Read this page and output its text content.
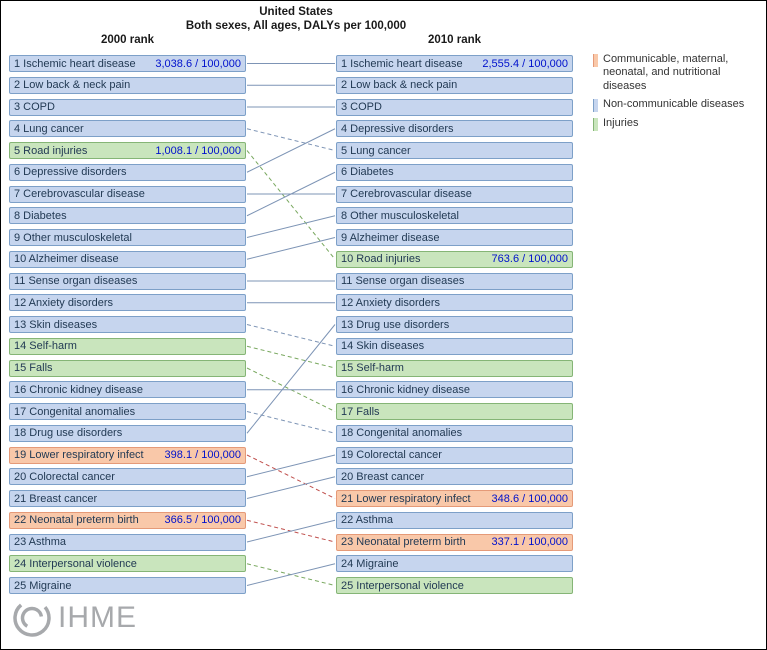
United States
Both sexes, All ages, DALYs per 100,000
2000 rank	2010 rank
1 Ischemic heart disease 3,038.6 / 100,000
2 Low back & neck pain
3 COPD
4 Lung cancer
5 Road injuries	1,008.1 / 100,000
6 Depressive disorders
7 Cerebrovascular disease
8 Diabetes
9 Other musculoskeletal
10 Alzheimer disease
11 Sense organ diseases
12 Anxiety disorders
13 Skin diseases
14 Self-harm
15 Falls
16 Chronic kidney disease
17 Congenital anomalies
18 Drug use disorders
19 Lower respiratory infect 398.1 / 100,000
20 Colorectal cancer
21 Breast cancer
22 Neonatal preterm birth 366.5 / 100,000
23 Asthma
24 Interpersonal violence
25 Migraine
1 Ischemic heart disease 2,555.4 / 100,000
2 Low back & neck pain
3 COPD
4 Depressive disorders
5 Lung cancer
6 Diabetes
7 Cerebrovascular disease
8 Other musculoskeletal
9 Alzheimer disease
10 Road injuries	763.6 / 100,000
11 Sense organ diseases
12 Anxiety disorders
13 Drug use disorders
14 Skin diseases
15 Self-harm
16 Chronic kidney disease
17 Falls
18 Congenital anomalies
19 Colorectal cancer
20 Breast cancer
21 Lower respiratory infect 348.6 / 100,000
22 Asthma
23 Neonatal preterm birth 337.1 / 100,000
24 Migraine
25 Interpersonal violence
Communicable, maternal, neonatal, and nutritional diseases
Non-communicable diseases
Injuries
IHME
